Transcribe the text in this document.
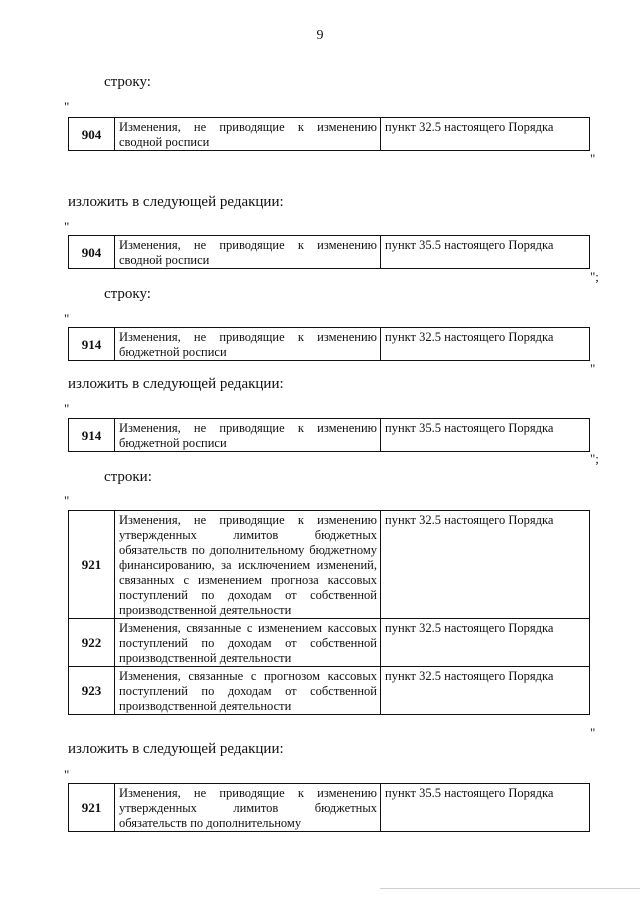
9
строку:
"
904	Изменения, не приводящие к изменению сводной росписи	пункт 32.5 настоящего Порядка
"
изложить в следующей редакции:
"
904	Изменения, не приводящие к изменению сводной росписи	пункт 35.5 настоящего Порядка
";
строку:
"
914	Изменения, не приводящие к изменению бюджетной росписи	пункт 32.5 настоящего Порядка
"
изложить в следующей редакции:
"
914	Изменения, не приводящие к изменению бюджетной росписи	пункт 35.5 настоящего Порядка
";
строки:
"
921	Изменения, не приводящие к изменению утвержденных лимитов бюджетных обязательств по дополнительному бюджетному финансированию, за исключением изменений, связанных с изменением прогноза кассовых поступлений по доходам от собственной производственной деятельности	пункт 32.5 настоящего Порядка
922	Изменения, связанные с изменением кассовых поступлений по доходам от собственной производственной деятельности	пункт 32.5 настоящего Порядка
923	Изменения, связанные с прогнозом кассовых поступлений по доходам от собственной производственной деятельности	пункт 32.5 настоящего Порядка
"
изложить в следующей редакции:
"
921	Изменения, не приводящие к изменению утвержденных лимитов бюджетных обязательств по дополнительному	пункт 35.5 настоящего Порядка
